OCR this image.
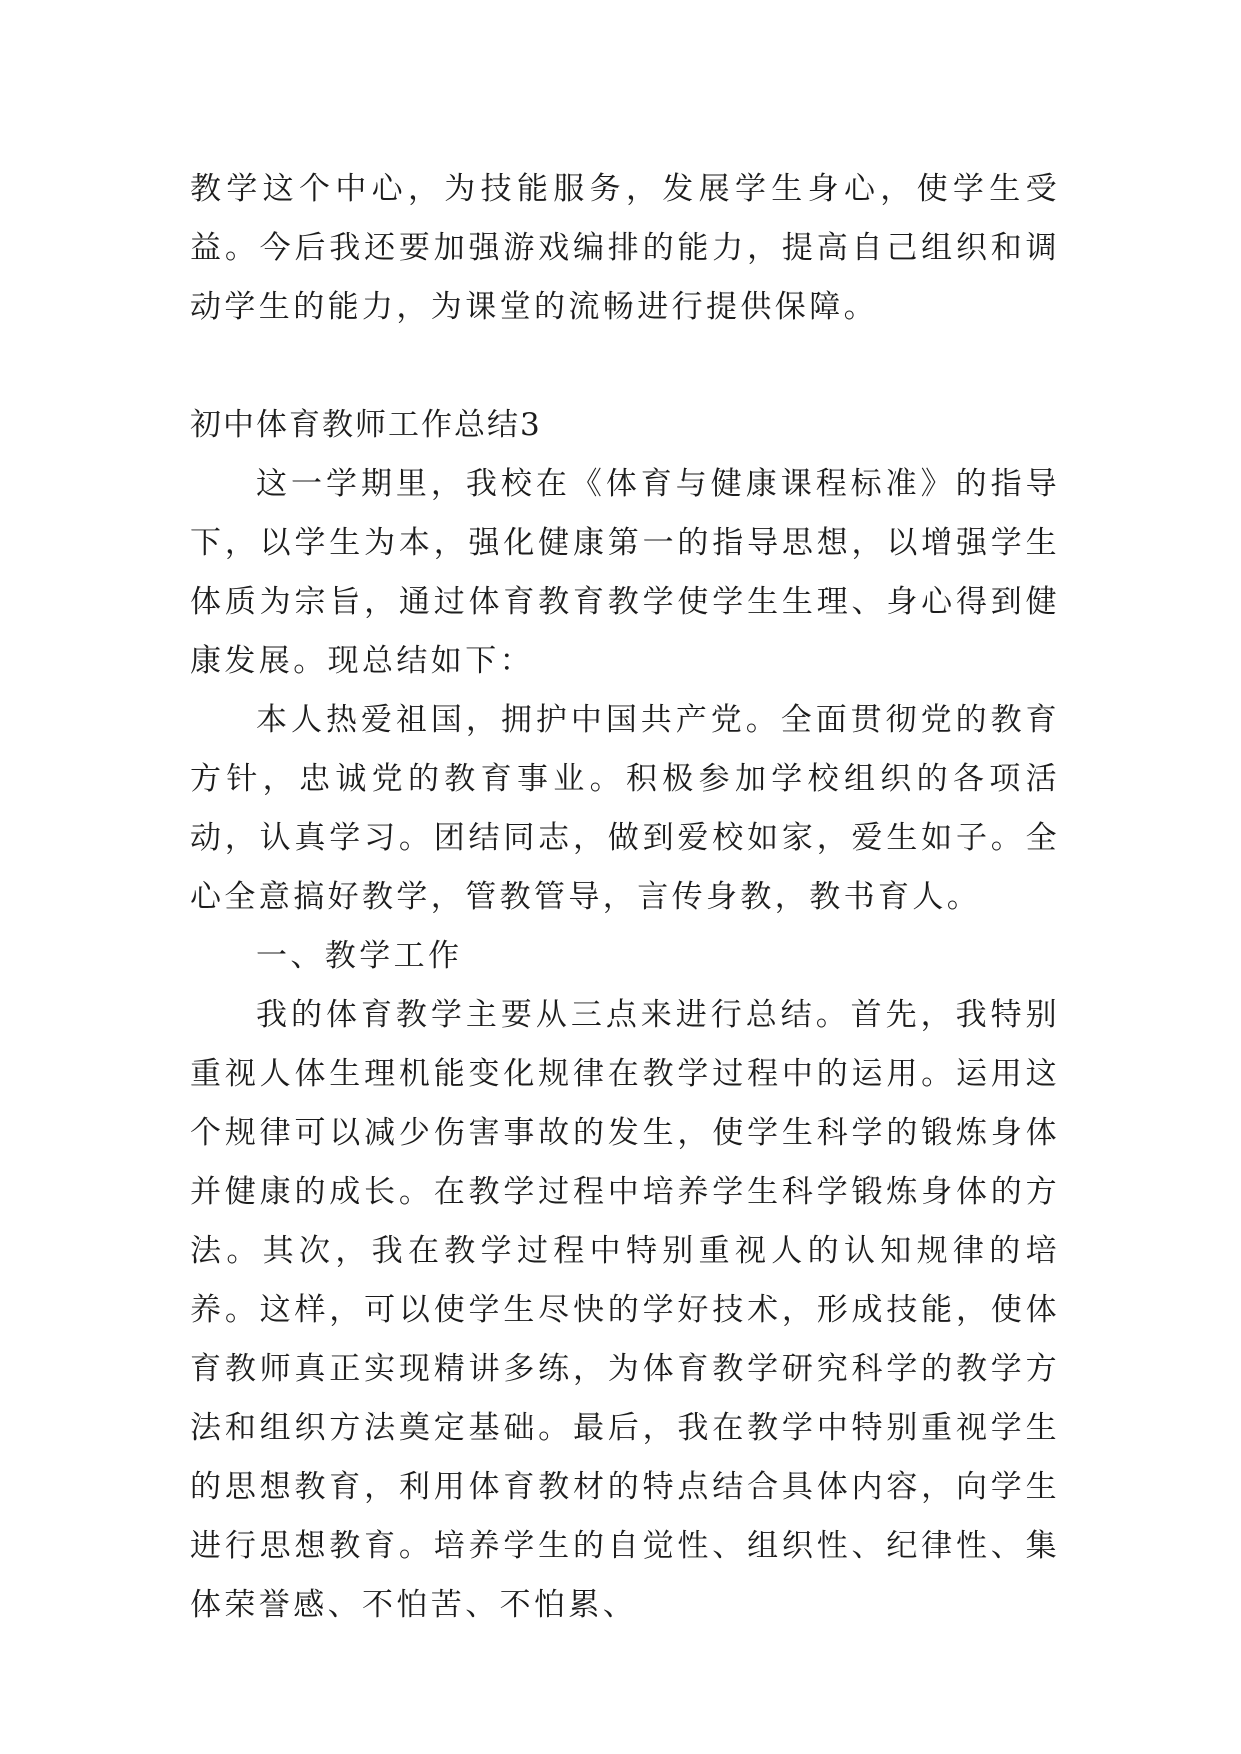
教学这个中心，为技能服务，发展学生身心，使学生受益。今后我还要加强游戏编排的能力，提高自己组织和调动学生的能力，为课堂的流畅进行提供保障。

初中体育教师工作总结3

这一学期里，我校在《体育与健康课程标准》的指导下，以学生为本，强化健康第一的指导思想，以增强学生体质为宗旨，通过体育教育教学使学生生理、身心得到健康发展。现总结如下：

本人热爱祖国，拥护中国共产党。全面贯彻党的教育方针，忠诚党的教育事业。积极参加学校组织的各项活动，认真学习。团结同志，做到爱校如家，爱生如子。全心全意搞好教学，管教管导，言传身教，教书育人。

一、教学工作

我的体育教学主要从三点来进行总结。首先，我特别重视人体生理机能变化规律在教学过程中的运用。运用这个规律可以减少伤害事故的发生，使学生科学的锻炼身体并健康的成长。在教学过程中培养学生科学锻炼身体的方法。其次，我在教学过程中特别重视人的认知规律的培养。这样，可以使学生尽快的学好技术，形成技能，使体育教师真正实现精讲多练，为体育教学研究科学的教学方法和组织方法奠定基础。最后，我在教学中特别重视学生的思想教育，利用体育教材的特点结合具体内容，向学生进行思想教育。培养学生的自觉性、组织性、纪律性、集体荣誉感、不怕苦、不怕累、
